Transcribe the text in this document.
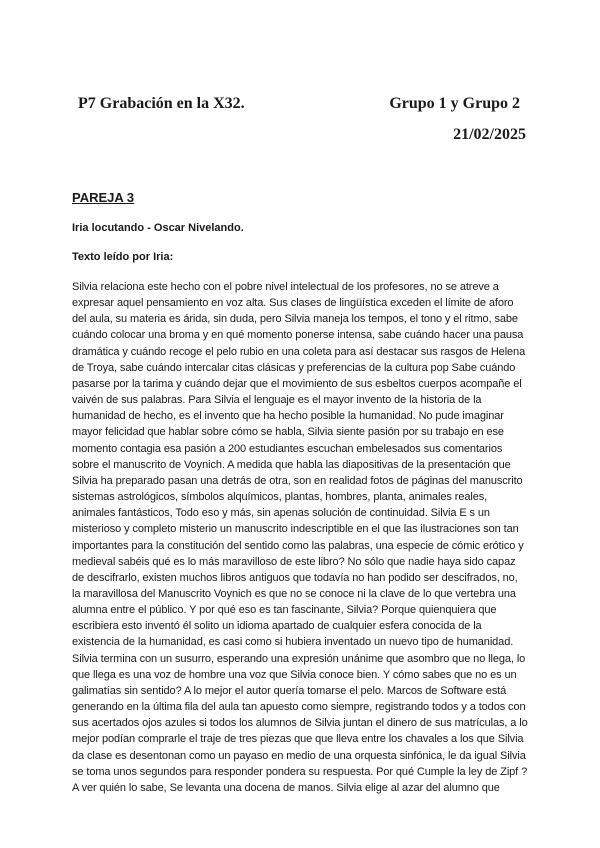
P7 Grabación en la X32.	Grupo 1 y Grupo 2
21/02/2025
PAREJA 3
Iria locutando - Oscar Nivelando.
Texto leído por Iria:

Silvia relaciona este hecho con el pobre nivel intelectual de los profesores, no se atreve a expresar aquel pensamiento en voz alta. Sus clases de lingüística exceden el límite de aforo del aula, su materia es árida, sin duda, pero Silvia maneja los tempos, el tono y el ritmo, sabe cuándo colocar una broma y en qué momento ponerse intensa, sabe cuándo hacer una pausa dramática y cuándo recoge el pelo rubio en una coleta para así destacar sus rasgos de Helena de Troya, sabe cuándo intercalar citas clásicas y preferencias de la cultura pop Sabe cuándo pasarse por la tarima y cuándo dejar que el movimiento de sus esbeltos cuerpos acompañe el vaivén de sus palabras. Para Silvia el lenguaje es el mayor invento de la historia de la humanidad de hecho, es el invento que ha hecho posible la humanidad. No pude imaginar mayor felicidad que hablar sobre cómo se habla, Silvia siente pasión por su trabajo en ese momento contagia esa pasión a 200 estudiantes escuchan embelesados sus comentarios sobre el manuscrito de Voynich. A medida que habla las diapositivas de la presentación que Silvia ha preparado pasan una detrás de otra, son en realidad fotos de páginas del manuscrito sistemas astrológicos, símbolos alquímicos, plantas, hombres, planta, animales reales, animales fantásticos, Todo eso y más, sin apenas solución de continuidad. Silvia E s un misterioso y completo misterio un manuscrito indescriptible en el que las ilustraciones son tan importantes para la constitución del sentido como las palabras, una especie de cómic erótico y medieval sabéis qué es lo más maravilloso de este libro? No sólo que nadie haya sido capaz de descifrarlo, existen muchos libros antiguos que todavía no han podido ser descifrados, no, la maravillosa del Manuscrito Voynich es que no se conoce ni la clave de lo que vertebra una alumna entre el público. Y por qué eso es tan fascinante, Silvia? Porque quienquiera que escribiera esto inventó él solito un idioma apartado de cualquier esfera conocida de la existencia de la humanidad, es casi como si hubiera inventado un nuevo tipo de humanidad. Silvia termina con un susurro, esperando una expresión unánime que asombro que no llega, lo que llega es una voz de hombre una voz que Silvia conoce bien. Y cómo sabes que no es un galimatías sin sentido? A lo mejor el autor quería tomarse el pelo. Marcos de Software está generando en la última fila del aula tan apuesto como siempre, registrando todos y a todos con sus acertados ojos azules si todos los alumnos de Silvia juntan el dinero de sus matrículas, a lo mejor podían comprarle el traje de tres piezas que que lleva entre los chavales a los que Silvia da clase es desentonan como un payaso en medio de una orquesta sinfónica, le da igual Silvia se toma unos segundos para responder pondera su respuesta. Por qué Cumple la ley de Zipf ? A ver quién lo sabe, Se levanta una docena de manos. Silvia elige al azar del alumno que
